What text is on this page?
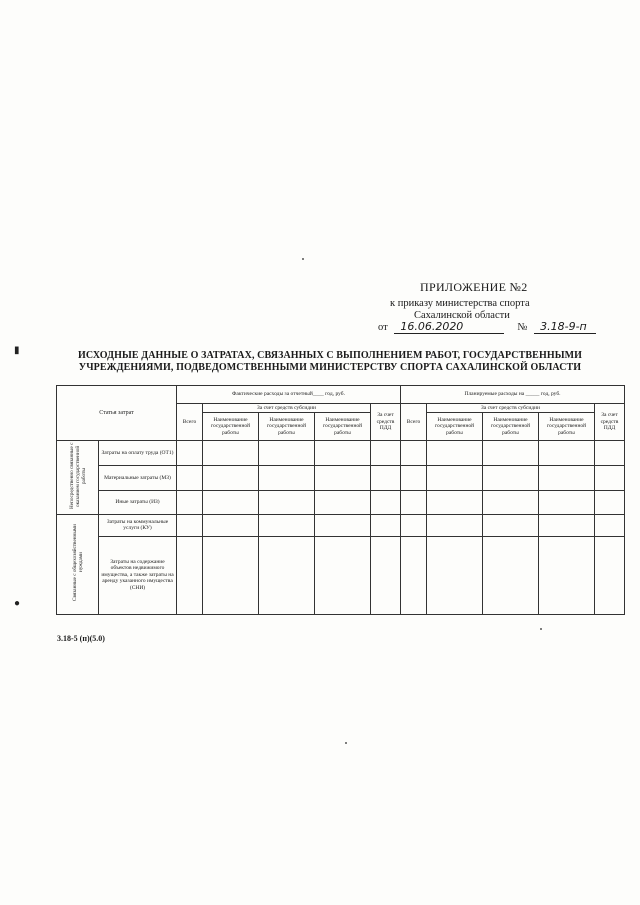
ПРИЛОЖЕНИЕ №2
к приказу министерства спорта
Сахалинской области
от 16.06.2020	№ 3.18-9-п
ИСХОДНЫЕ ДАННЫЕ О ЗАТРАТАХ, СВЯЗАННЫХ С ВЫПОЛНЕНИЕМ РАБОТ, ГОСУДАРСТВЕННЫМИ
УЧРЕЖДЕНИЯМИ, ПОДВЕДОМСТВЕННЫМИ МИНИСТЕРСТВУ СПОРТА САХАЛИНСКОЙ ОБЛАСТИ
Статья затрат		Фактические расходы за отчетный____ год, руб.					Планируемые расходы на _____ год, руб.				
		Всего	За счет средств субсидии			За счет средств ПДД	Всего	За счет средств субсидии			За счет средств ПДД
			Наименование государственной работы	Наименование государственной работы	Наименование государственной работы			Наименование государственной работы	Наименование государственной работы	Наименование государственной работы	
Непосредственно связанные с оказанием государственной работы	Затраты на оплату труда (ОТ1)										
	Материальные затраты (МЗ)										
	Иные затраты (ИЗ)										
Связанные с общехозяйственными нуждами	Затраты на коммунальные услуги (КУ)										
	Затраты на содержание объектов недвижимого имущества, а также затраты на аренду указанного имущества (СНИ)										
3.18-5 (п)(5.0)
▮
●
